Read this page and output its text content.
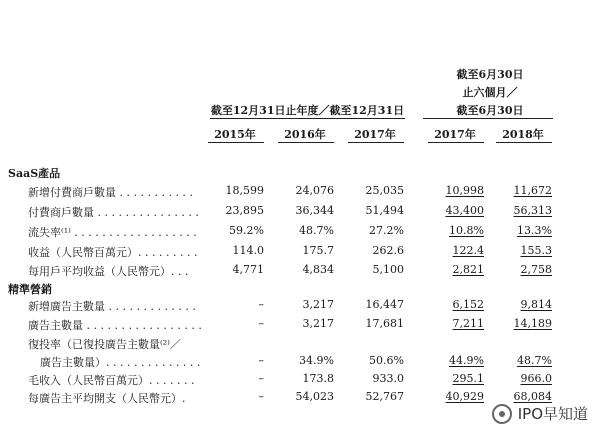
截至6月30日
止六個月／
截至6月30日
截至12月31日止年度／截至12月31日
2015年	2016年	2017年	2017年	2018年
SaaS產品
新增付費商戶數量 . . . . . . . . . . .	18,599	24,076	25,035	10,998	11,672
付費商戶數量 . . . . . . . . . . . . . . .	23,895	36,344	51,494	43,400	56,313
流失率⁽¹⁾ . . . . . . . . . . . . . . . . . .	59.2%	48.7%	27.2%	10.8%	13.3%
收益（人民幣百萬元）. . . . . . . . .	114.0	175.7	262.6	122.4	155.3
每用戶平均收益（人民幣元）. . .	4,771	4,834	5,100	2,821	2,758
精準營銷
新增廣告主數量 . . . . . . . . . . . . .	–	3,217	16,447	6,152	9,814
廣告主數量 . . . . . . . . . . . . . . . . .	–	3,217	17,681	7,211	14,189
復投率（已復投廣告主數量⁽²⁾／
廣告主數量）. . . . . . . . . . . . . .	–	34.9%	50.6%	44.9%	48.7%
毛收入（人民幣百萬元）. . . . . . .	–	173.8	933.0	295.1	966.0
每廣告主平均開支（人民幣元）.	–	54,023	52,767	40,929	68,084
IPO早知道
